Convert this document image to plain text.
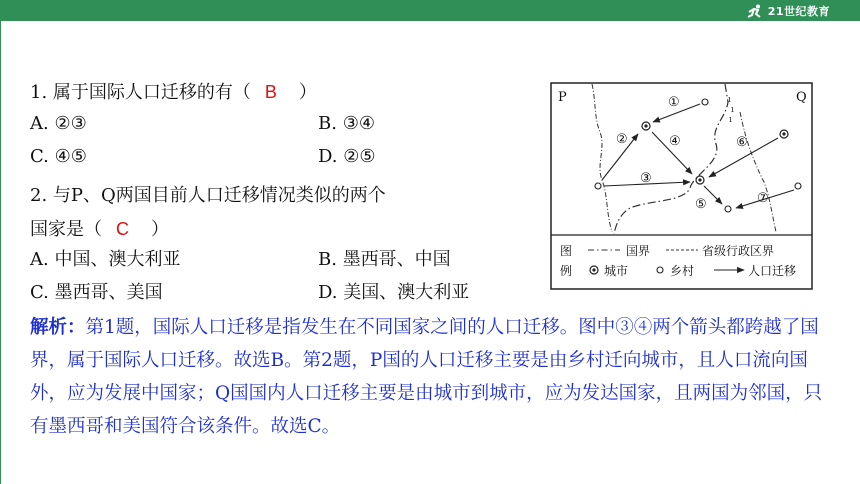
21世纪教育
1. 属于国际人口迁移的有（ B ）
A. ②③	B. ③④
C. ④⑤	D. ②⑤
2. 与P、Q两国目前人口迁移情况类似的两个
国家是（ C ）
A. 中国、澳大利亚	B. 墨西哥、中国
C. 墨西哥、美国	D. 美国、澳大利亚
P	Q
ı
ı
ı
①
②
③
④
⑤
⑥
⑦
图
例
国界	省级行政区界
城市	乡村	人口迁移
解析：第1题，国际人口迁移是指发生在不同国家之间的人口迁移。图中③④两个箭头都跨越了国界，属于国际人口迁移。故选B。第2题，P国的人口迁移主要是由乡村迁向城市，且人口流向国外，应为发展中国家；Q国国内人口迁移主要是由城市到城市，应为发达国家，且两国为邻国，只有墨西哥和美国符合该条件。故选C。
